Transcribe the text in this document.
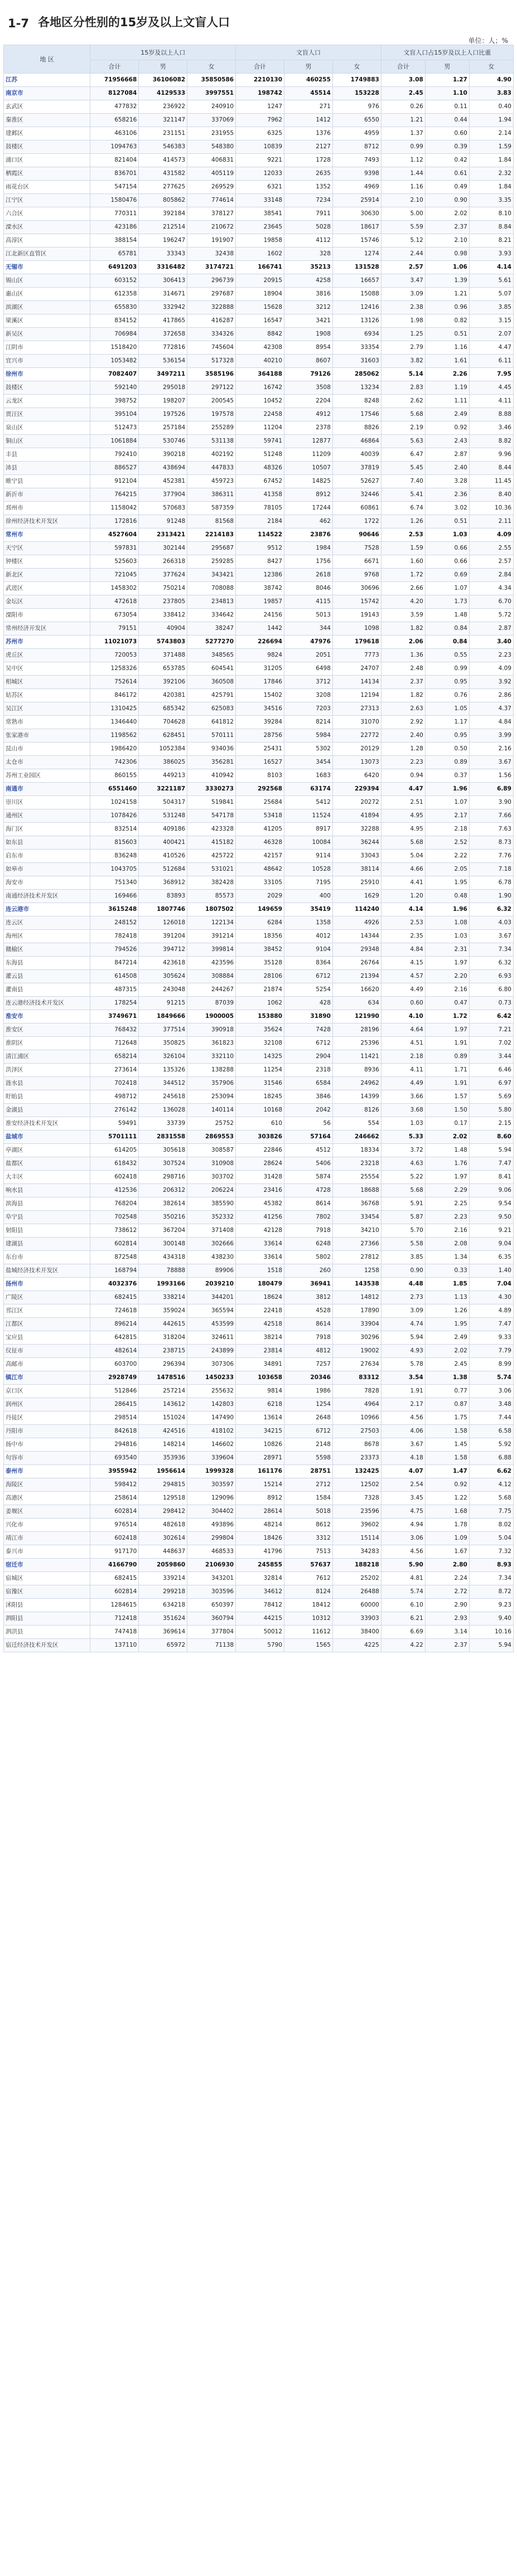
1-7 各地区分性别的15岁及以上文盲人口
单位：人；%
地 区	15岁及以上人口			文盲人口			文盲人口占15岁及以上人口比重		
	合计	男	女	合计	男	女	合计	男	女
江苏	71956668	36106082	35850586	2210130	460255	1749883	3.08	1.27	4.90
南京市	8127084	4129533	3997551	198742	45514	153228	2.45	1.10	3.83
玄武区	477832	236922	240910	1247	271	976	0.26	0.11	0.40
秦淮区	658216	321147	337069	7962	1412	6550	1.21	0.44	1.94
建邺区	463106	231151	231955	6325	1376	4959	1.37	0.60	2.14
鼓楼区	1094763	546383	548380	10839	2127	8712	0.99	0.39	1.59
浦口区	821404	414573	406831	9221	1728	7493	1.12	0.42	1.84
栖霞区	836701	431582	405119	12033	2635	9398	1.44	0.61	2.32
雨花台区	547154	277625	269529	6321	1352	4969	1.16	0.49	1.84
江宁区	1580476	805862	774614	33148	7234	25914	2.10	0.90	3.35
六合区	770311	392184	378127	38541	7911	30630	5.00	2.02	8.10
溧水区	423186	212514	210672	23645	5028	18617	5.59	2.37	8.84
高淳区	388154	196247	191907	19858	4112	15746	5.12	2.10	8.21
江北新区直管区	65781	33343	32438	1602	328	1274	2.44	0.98	3.93
无锡市	6491203	3316482	3174721	166741	35213	131528	2.57	1.06	4.14
锡山区	603152	306413	296739	20915	4258	16657	3.47	1.39	5.61
惠山区	612358	314671	297687	18904	3816	15088	3.09	1.21	5.07
滨湖区	655830	332942	322888	15628	3212	12416	2.38	0.96	3.85
梁溪区	834152	417865	416287	16547	3421	13126	1.98	0.82	3.15
新吴区	706984	372658	334326	8842	1908	6934	1.25	0.51	2.07
江阴市	1518420	772816	745604	42308	8954	33354	2.79	1.16	4.47
宜兴市	1053482	536154	517328	40210	8607	31603	3.82	1.61	6.11
徐州市	7082407	3497211	3585196	364188	79126	285062	5.14	2.26	7.95
鼓楼区	592140	295018	297122	16742	3508	13234	2.83	1.19	4.45
云龙区	398752	198207	200545	10452	2204	8248	2.62	1.11	4.11
贾汪区	395104	197526	197578	22458	4912	17546	5.68	2.49	8.88
泉山区	512473	257184	255289	11204	2378	8826	2.19	0.92	3.46
铜山区	1061884	530746	531138	59741	12877	46864	5.63	2.43	8.82
丰县	792410	390218	402192	51248	11209	40039	6.47	2.87	9.96
沛县	886527	438694	447833	48326	10507	37819	5.45	2.40	8.44
睢宁县	912104	452381	459723	67452	14825	52627	7.40	3.28	11.45
新沂市	764215	377904	386311	41358	8912	32446	5.41	2.36	8.40
邳州市	1158042	570683	587359	78105	17244	60861	6.74	3.02	10.36
徐州经济技术开发区	172816	91248	81568	2184	462	1722	1.26	0.51	2.11
常州市	4527604	2313421	2214183	114522	23876	90646	2.53	1.03	4.09
天宁区	597831	302144	295687	9512	1984	7528	1.59	0.66	2.55
钟楼区	525603	266318	259285	8427	1756	6671	1.60	0.66	2.57
新北区	721045	377624	343421	12386	2618	9768	1.72	0.69	2.84
武进区	1458302	750214	708088	38742	8046	30696	2.66	1.07	4.34
金坛区	472618	237805	234813	19857	4115	15742	4.20	1.73	6.70
溧阳市	673054	338412	334642	24156	5013	19143	3.59	1.48	5.72
常州经济开发区	79151	40904	38247	1442	344	1098	1.82	0.84	2.87
苏州市	11021073	5743803	5277270	226694	47976	179618	2.06	0.84	3.40
虎丘区	720053	371488	348565	9824	2051	7773	1.36	0.55	2.23
吴中区	1258326	653785	604541	31205	6498	24707	2.48	0.99	4.09
相城区	752614	392106	360508	17846	3712	14134	2.37	0.95	3.92
姑苏区	846172	420381	425791	15402	3208	12194	1.82	0.76	2.86
吴江区	1310425	685342	625083	34516	7203	27313	2.63	1.05	4.37
常熟市	1346440	704628	641812	39284	8214	31070	2.92	1.17	4.84
张家港市	1198562	628451	570111	28756	5984	22772	2.40	0.95	3.99
昆山市	1986420	1052384	934036	25431	5302	20129	1.28	0.50	2.16
太仓市	742306	386025	356281	16527	3454	13073	2.23	0.89	3.67
苏州工业园区	860155	449213	410942	8103	1683	6420	0.94	0.37	1.56
南通市	6551460	3221187	3330273	292568	63174	229394	4.47	1.96	6.89
崇川区	1024158	504317	519841	25684	5412	20272	2.51	1.07	3.90
通州区	1078426	531248	547178	53418	11524	41894	4.95	2.17	7.66
海门区	832514	409186	423328	41205	8917	32288	4.95	2.18	7.63
如东县	815603	400421	415182	46328	10084	36244	5.68	2.52	8.73
启东市	836248	410526	425722	42157	9114	33043	5.04	2.22	7.76
如皋市	1043705	512684	531021	48642	10528	38114	4.66	2.05	7.18
海安市	751340	368912	382428	33105	7195	25910	4.41	1.95	6.78
南通经济技术开发区	169466	83893	85573	2029	400	1629	1.20	0.48	1.90
连云港市	3615248	1807746	1807502	149659	35419	114240	4.14	1.96	6.32
连云区	248152	126018	122134	6284	1358	4926	2.53	1.08	4.03
海州区	782418	391204	391214	18356	4012	14344	2.35	1.03	3.67
赣榆区	794526	394712	399814	38452	9104	29348	4.84	2.31	7.34
东海县	847214	423618	423596	35128	8364	26764	4.15	1.97	6.32
灌云县	614508	305624	308884	28106	6712	21394	4.57	2.20	6.93
灌南县	487315	243048	244267	21874	5254	16620	4.49	2.16	6.80
连云港经济技术开发区	178254	91215	87039	1062	428	634	0.60	0.47	0.73
淮安市	3749671	1849666	1900005	153880	31890	121990	4.10	1.72	6.42
淮安区	768432	377514	390918	35624	7428	28196	4.64	1.97	7.21
淮阴区	712648	350825	361823	32108	6712	25396	4.51	1.91	7.02
清江浦区	658214	326104	332110	14325	2904	11421	2.18	0.89	3.44
洪泽区	273614	135326	138288	11254	2318	8936	4.11	1.71	6.46
涟水县	702418	344512	357906	31546	6584	24962	4.49	1.91	6.97
盱眙县	498712	245618	253094	18245	3846	14399	3.66	1.57	5.69
金湖县	276142	136028	140114	10168	2042	8126	3.68	1.50	5.80
淮安经济技术开发区	59491	33739	25752	610	56	554	1.03	0.17	2.15
盐城市	5701111	2831558	2869553	303826	57164	246662	5.33	2.02	8.60
亭湖区	614205	305618	308587	22846	4512	18334	3.72	1.48	5.94
盐都区	618432	307524	310908	28624	5406	23218	4.63	1.76	7.47
大丰区	602418	298716	303702	31428	5874	25554	5.22	1.97	8.41
响水县	412536	206312	206224	23416	4728	18688	5.68	2.29	9.06
滨海县	768204	382614	385590	45382	8614	36768	5.91	2.25	9.54
阜宁县	702548	350216	352332	41256	7802	33454	5.87	2.23	9.50
射阳县	738612	367204	371408	42128	7918	34210	5.70	2.16	9.21
建湖县	602814	300148	302666	33614	6248	27366	5.58	2.08	9.04
东台市	872548	434318	438230	33614	5802	27812	3.85	1.34	6.35
盐城经济技术开发区	168794	78888	89906	1518	260	1258	0.90	0.33	1.40
扬州市	4032376	1993166	2039210	180479	36941	143538	4.48	1.85	7.04
广陵区	682415	338214	344201	18624	3812	14812	2.73	1.13	4.30
邗江区	724618	359024	365594	22418	4528	17890	3.09	1.26	4.89
江都区	896214	442615	453599	42518	8614	33904	4.74	1.95	7.47
宝应县	642815	318204	324611	38214	7918	30296	5.94	2.49	9.33
仪征市	482614	238715	243899	23814	4812	19002	4.93	2.02	7.79
高邮市	603700	296394	307306	34891	7257	27634	5.78	2.45	8.99
镇江市	2928749	1478516	1450233	103658	20346	83312	3.54	1.38	5.74
京口区	512846	257214	255632	9814	1986	7828	1.91	0.77	3.06
润州区	286415	143612	142803	6218	1254	4964	2.17	0.87	3.48
丹徒区	298514	151024	147490	13614	2648	10966	4.56	1.75	7.44
丹阳市	842618	424516	418102	34215	6712	27503	4.06	1.58	6.58
扬中市	294816	148214	146602	10826	2148	8678	3.67	1.45	5.92
句容市	693540	353936	339604	28971	5598	23373	4.18	1.58	6.88
泰州市	3955942	1956614	1999328	161176	28751	132425	4.07	1.47	6.62
海陵区	598412	294815	303597	15214	2712	12502	2.54	0.92	4.12
高港区	258614	129518	129096	8912	1584	7328	3.45	1.22	5.68
姜堰区	602814	298412	304402	28614	5018	23596	4.75	1.68	7.75
兴化市	976514	482618	493896	48214	8612	39602	4.94	1.78	8.02
靖江市	602418	302614	299804	18426	3312	15114	3.06	1.09	5.04
泰兴市	917170	448637	468533	41796	7513	34283	4.56	1.67	7.32
宿迁市	4166790	2059860	2106930	245855	57637	188218	5.90	2.80	8.93
宿城区	682415	339214	343201	32814	7612	25202	4.81	2.24	7.34
宿豫区	602814	299218	303596	34612	8124	26488	5.74	2.72	8.72
沭阳县	1284615	634218	650397	78412	18412	60000	6.10	2.90	9.23
泗阳县	712418	351624	360794	44215	10312	33903	6.21	2.93	9.40
泗洪县	747418	369614	377804	50012	11612	38400	6.69	3.14	10.16
宿迁经济技术开发区	137110	65972	71138	5790	1565	4225	4.22	2.37	5.94
